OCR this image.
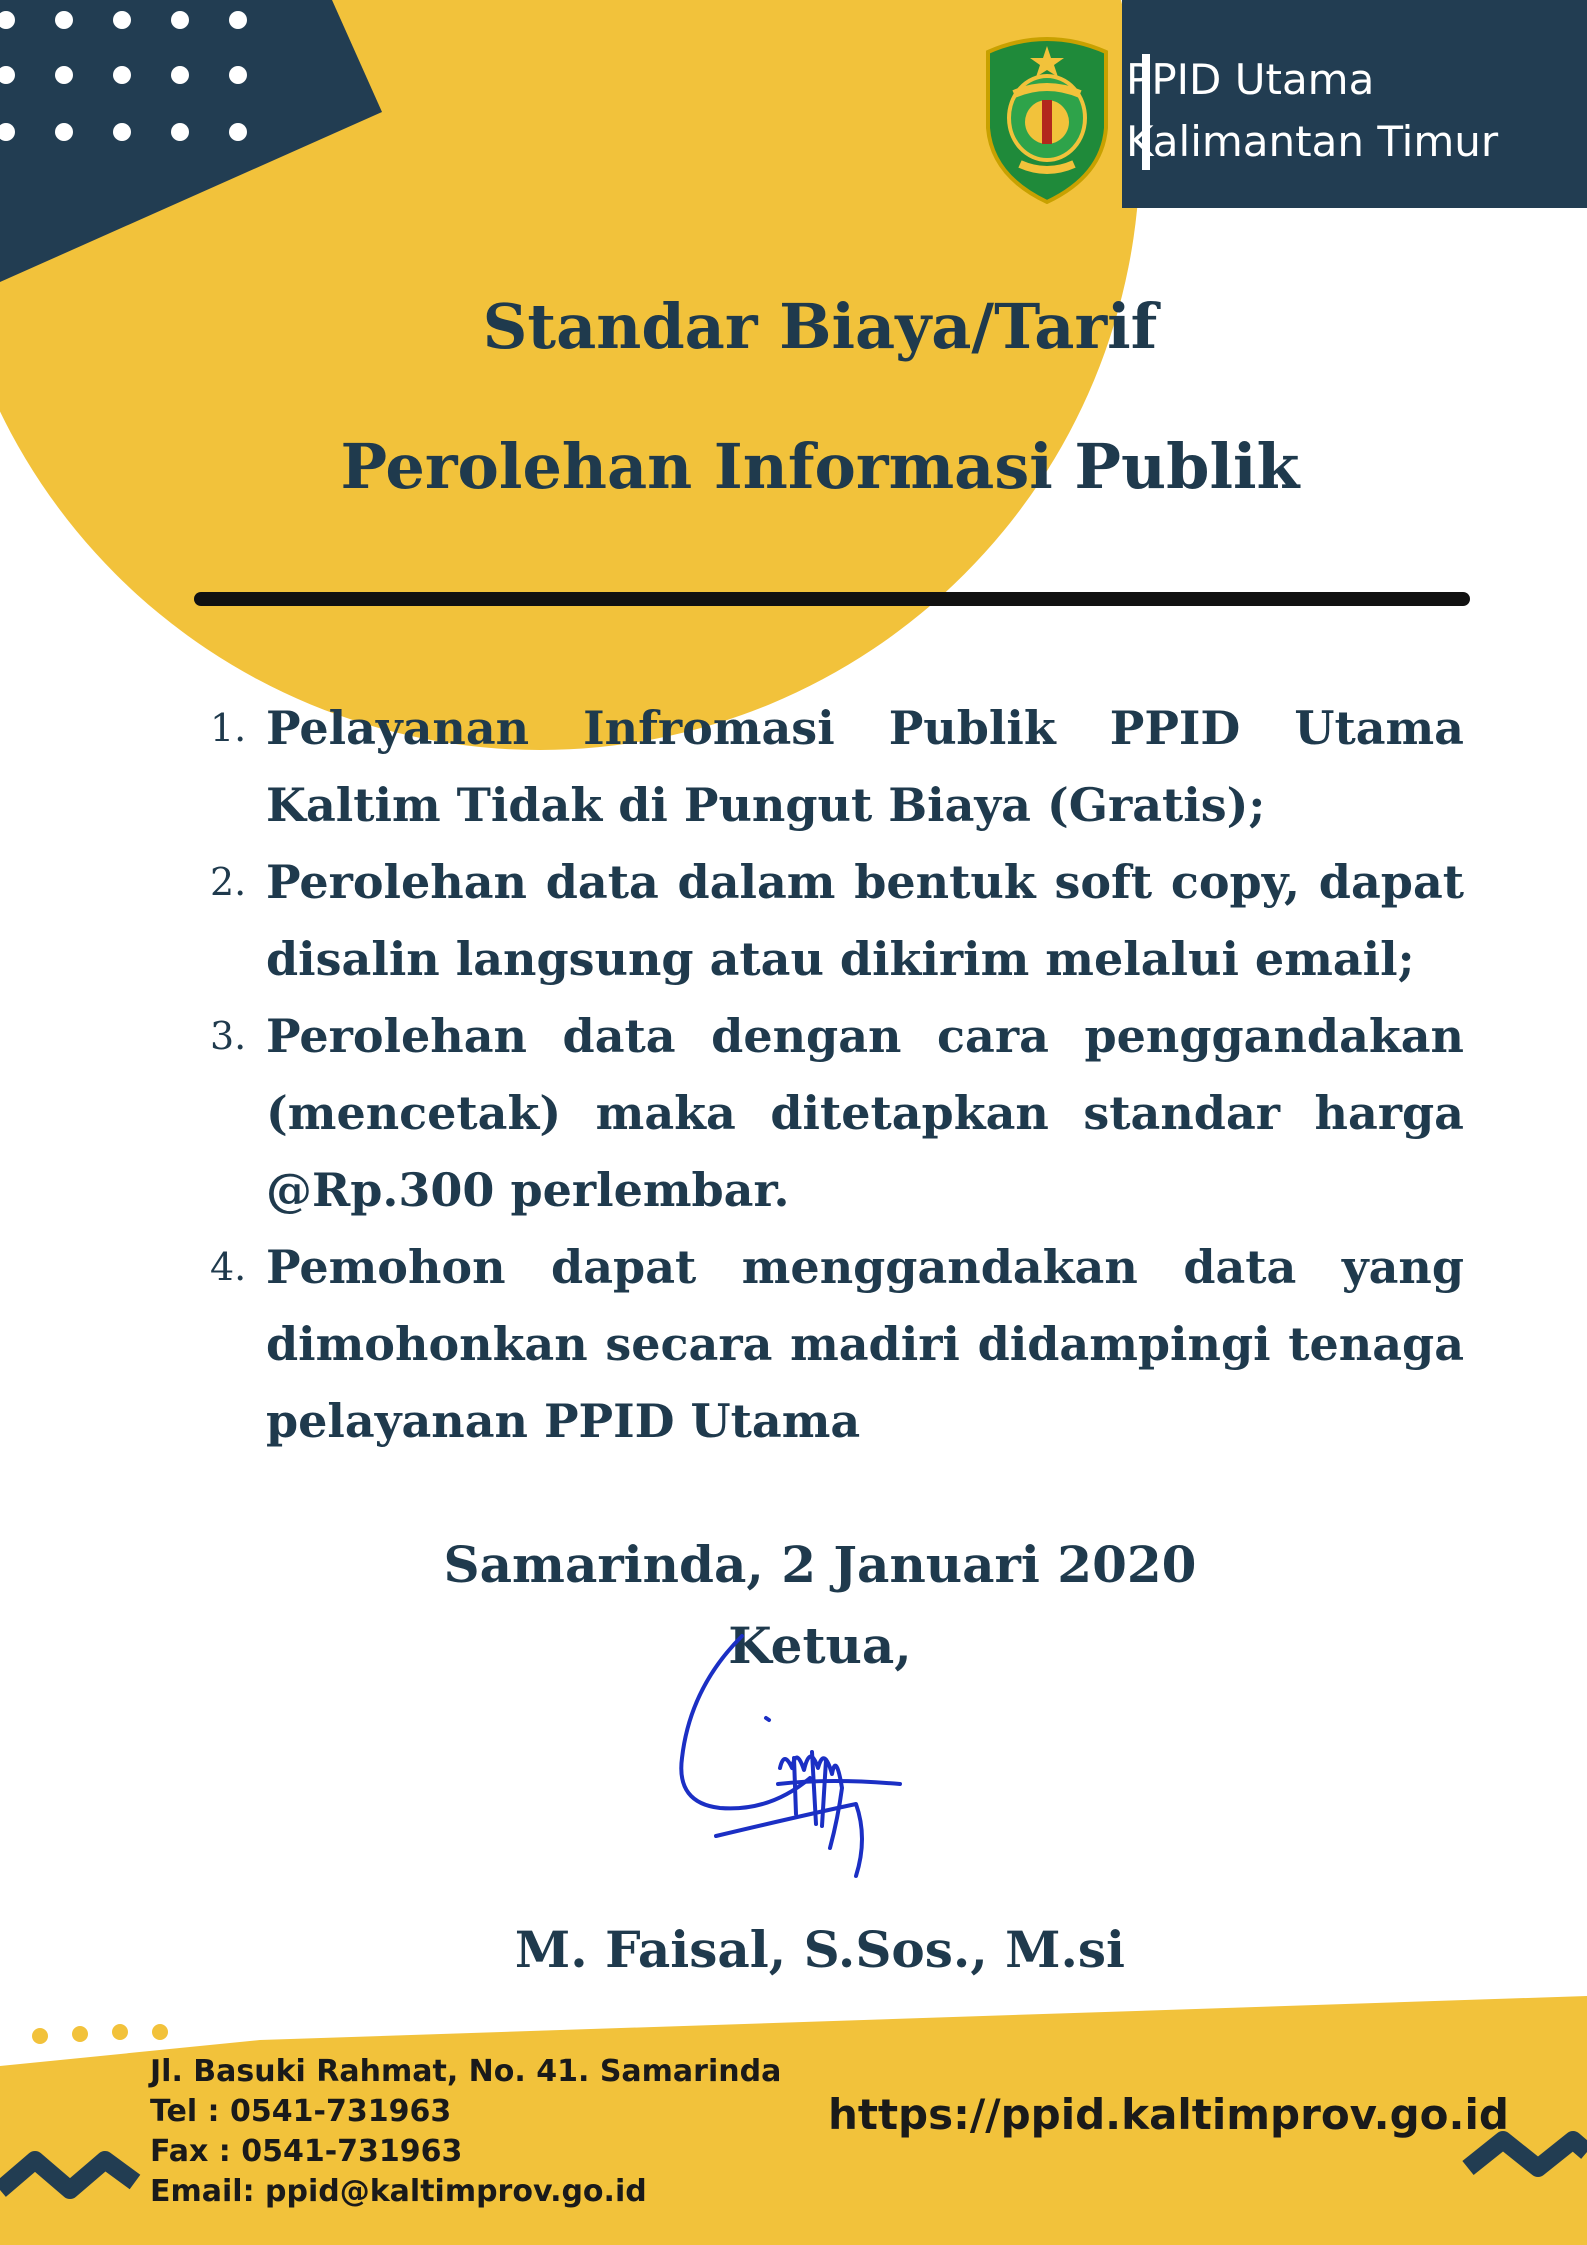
PPID Utama
Kalimantan Timur
Standar Biaya/Tarif
Perolehan Informasi Publik
1. Pelayanan Infromasi Publik PPID Utama Kaltim Tidak di Pungut Biaya (Gratis);
2. Perolehan data dalam bentuk soft copy, dapat disalin langsung atau dikirim melalui email;
3. Perolehan data dengan cara penggandakan (mencetak) maka ditetapkan standar harga @Rp.300 perlembar.
4. Pemohon dapat menggandakan data yang dimohonkan secara madiri didampingi tenaga pelayanan PPID Utama
Samarinda, 2 Januari 2020
Ketua,
M. Faisal, S.Sos., M.si
Jl. Basuki Rahmat, No. 41. Samarinda
Tel : 0541-731963
Fax : 0541-731963
Email: ppid@kaltimprov.go.id
https://ppid.kaltimprov.go.id
